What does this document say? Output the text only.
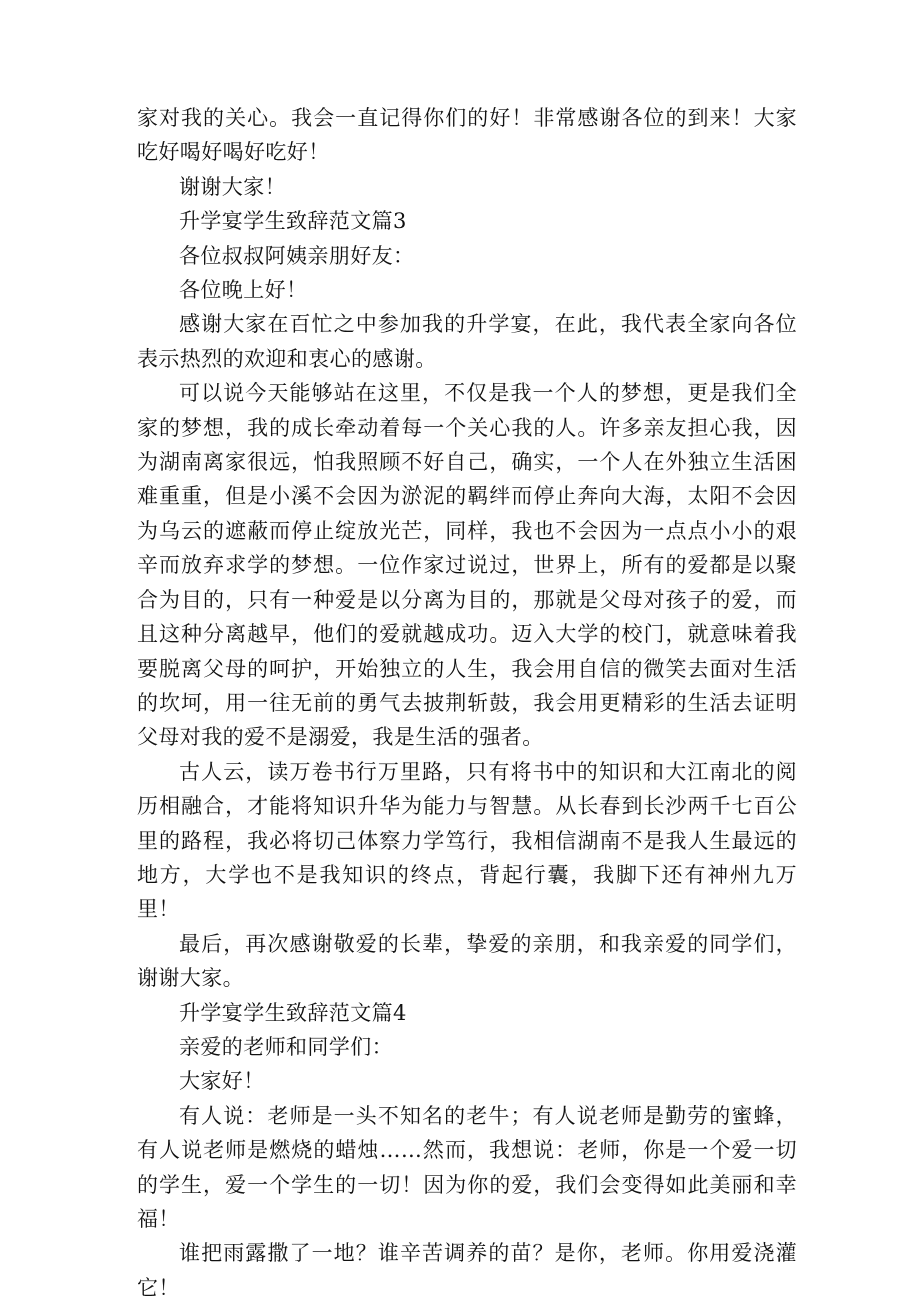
家对我的关心。我会一直记得你们的好！非常感谢各位的到来！大家吃好喝好喝好吃好！

谢谢大家！

升学宴学生致辞范文篇3

各位叔叔阿姨亲朋好友：

各位晚上好！

感谢大家在百忙之中参加我的升学宴，在此，我代表全家向各位表示热烈的欢迎和衷心的感谢。

可以说今天能够站在这里，不仅是我一个人的梦想，更是我们全家的梦想，我的成长牵动着每一个关心我的人。许多亲友担心我，因为湖南离家很远，怕我照顾不好自己，确实，一个人在外独立生活困难重重，但是小溪不会因为淤泥的羁绊而停止奔向大海，太阳不会因为乌云的遮蔽而停止绽放光芒，同样，我也不会因为一点点小小的艰辛而放弃求学的梦想。一位作家过说过，世界上，所有的爱都是以聚合为目的，只有一种爱是以分离为目的，那就是父母对孩子的爱，而且这种分离越早，他们的爱就越成功。迈入大学的校门，就意味着我要脱离父母的呵护，开始独立的人生，我会用自信的微笑去面对生活的坎坷，用一往无前的勇气去披荆斩鼓，我会用更精彩的生活去证明父母对我的爱不是溺爱，我是生活的强者。

古人云，读万卷书行万里路，只有将书中的知识和大江南北的阅历相融合，才能将知识升华为能力与智慧。从长春到长沙两千七百公里的路程，我必将切己体察力学笃行，我相信湖南不是我人生最远的地方，大学也不是我知识的终点，背起行囊，我脚下还有神州九万里！

最后，再次感谢敬爱的长辈，挚爱的亲朋，和我亲爱的同学们，谢谢大家。

升学宴学生致辞范文篇4

亲爱的老师和同学们：

大家好！

有人说：老师是一头不知名的老牛；有人说老师是勤劳的蜜蜂，有人说老师是燃烧的蜡烛……然而，我想说：老师，你是一个爱一切的学生，爱一个学生的一切！因为你的爱，我们会变得如此美丽和幸福！

谁把雨露撒了一地？谁辛苦调养的苗？是你，老师。你用爱浇灌它！
